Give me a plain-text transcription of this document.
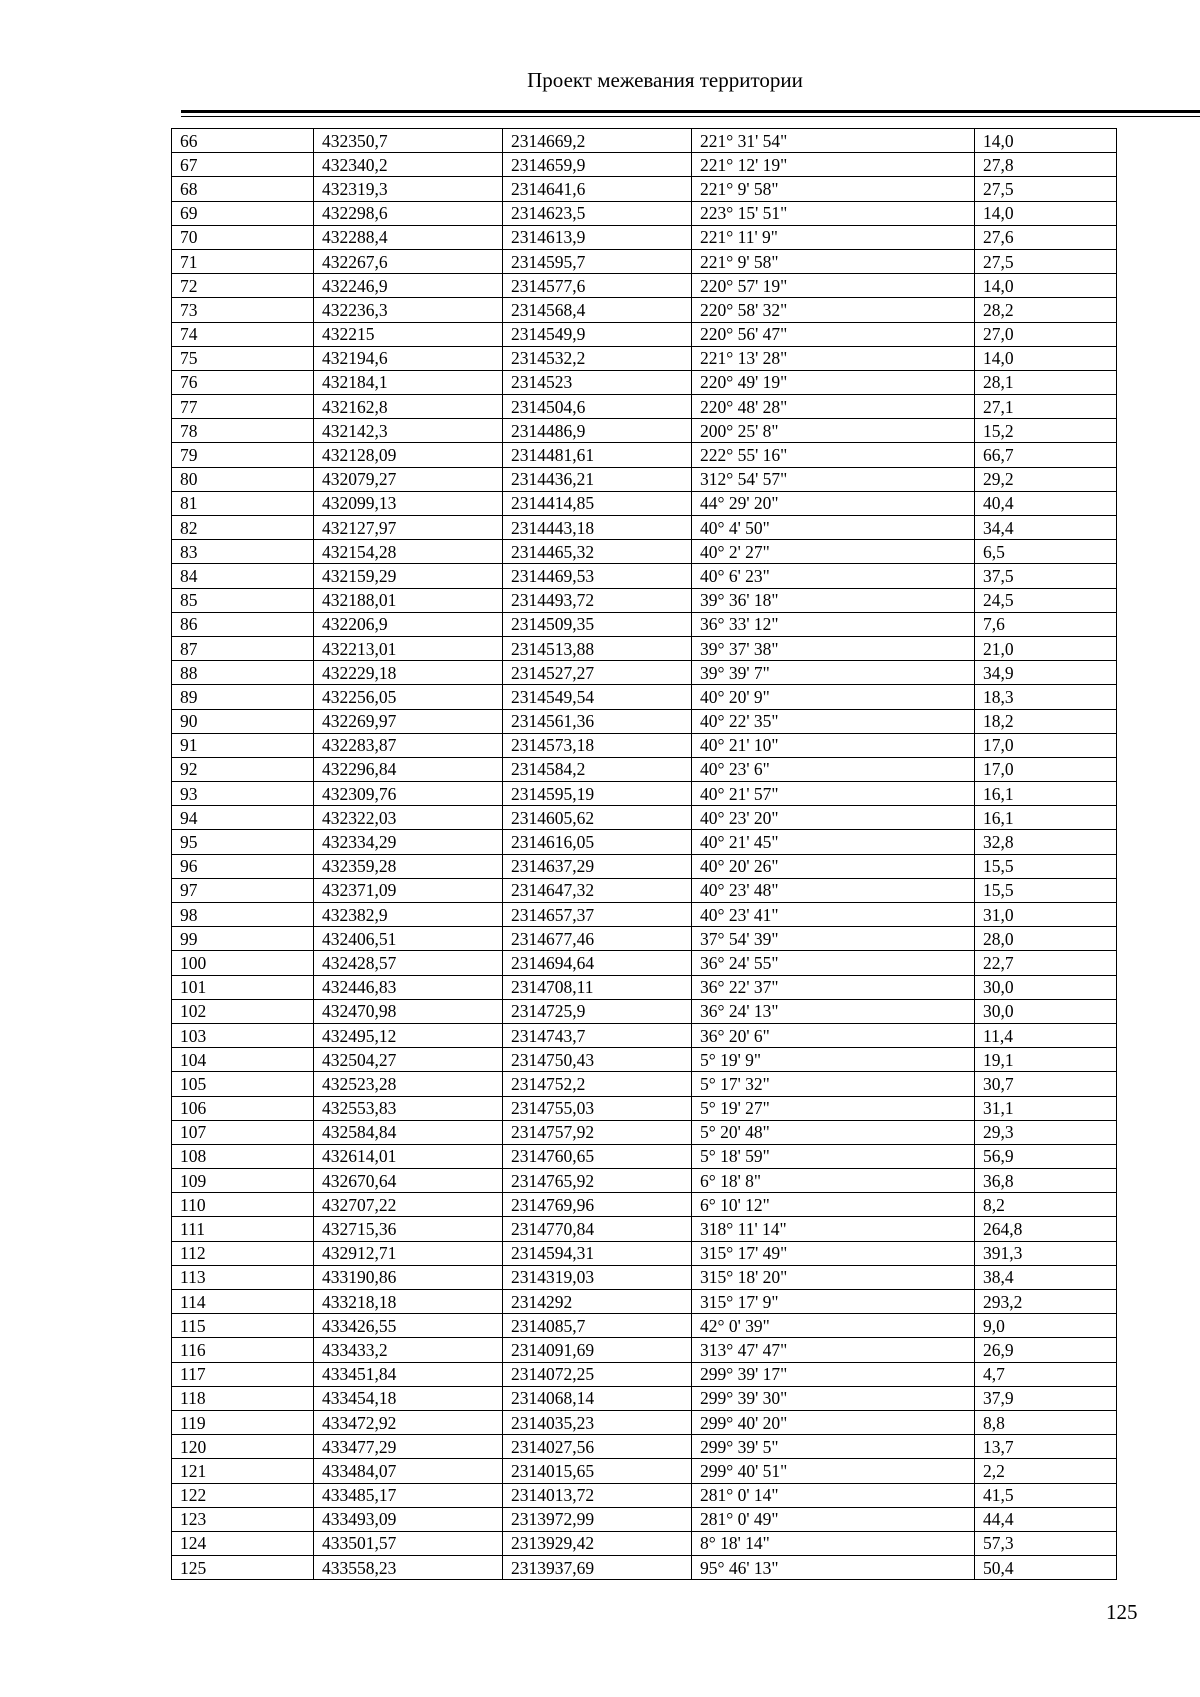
Проект межевания территории
66	432350,7	2314669,2	221° 31' 54"	14,0
67	432340,2	2314659,9	221° 12' 19"	27,8
68	432319,3	2314641,6	221° 9' 58"	27,5
69	432298,6	2314623,5	223° 15' 51"	14,0
70	432288,4	2314613,9	221° 11' 9"	27,6
71	432267,6	2314595,7	221° 9' 58"	27,5
72	432246,9	2314577,6	220° 57' 19"	14,0
73	432236,3	2314568,4	220° 58' 32"	28,2
74	432215	2314549,9	220° 56' 47"	27,0
75	432194,6	2314532,2	221° 13' 28"	14,0
76	432184,1	2314523	220° 49' 19"	28,1
77	432162,8	2314504,6	220° 48' 28"	27,1
78	432142,3	2314486,9	200° 25' 8"	15,2
79	432128,09	2314481,61	222° 55' 16"	66,7
80	432079,27	2314436,21	312° 54' 57"	29,2
81	432099,13	2314414,85	44° 29' 20"	40,4
82	432127,97	2314443,18	40° 4' 50"	34,4
83	432154,28	2314465,32	40° 2' 27"	6,5
84	432159,29	2314469,53	40° 6' 23"	37,5
85	432188,01	2314493,72	39° 36' 18"	24,5
86	432206,9	2314509,35	36° 33' 12"	7,6
87	432213,01	2314513,88	39° 37' 38"	21,0
88	432229,18	2314527,27	39° 39' 7"	34,9
89	432256,05	2314549,54	40° 20' 9"	18,3
90	432269,97	2314561,36	40° 22' 35"	18,2
91	432283,87	2314573,18	40° 21' 10"	17,0
92	432296,84	2314584,2	40° 23' 6"	17,0
93	432309,76	2314595,19	40° 21' 57"	16,1
94	432322,03	2314605,62	40° 23' 20"	16,1
95	432334,29	2314616,05	40° 21' 45"	32,8
96	432359,28	2314637,29	40° 20' 26"	15,5
97	432371,09	2314647,32	40° 23' 48"	15,5
98	432382,9	2314657,37	40° 23' 41"	31,0
99	432406,51	2314677,46	37° 54' 39"	28,0
100	432428,57	2314694,64	36° 24' 55"	22,7
101	432446,83	2314708,11	36° 22' 37"	30,0
102	432470,98	2314725,9	36° 24' 13"	30,0
103	432495,12	2314743,7	36° 20' 6"	11,4
104	432504,27	2314750,43	5° 19' 9"	19,1
105	432523,28	2314752,2	5° 17' 32"	30,7
106	432553,83	2314755,03	5° 19' 27"	31,1
107	432584,84	2314757,92	5° 20' 48"	29,3
108	432614,01	2314760,65	5° 18' 59"	56,9
109	432670,64	2314765,92	6° 18' 8"	36,8
110	432707,22	2314769,96	6° 10' 12"	8,2
111	432715,36	2314770,84	318° 11' 14"	264,8
112	432912,71	2314594,31	315° 17' 49"	391,3
113	433190,86	2314319,03	315° 18' 20"	38,4
114	433218,18	2314292	315° 17' 9"	293,2
115	433426,55	2314085,7	42° 0' 39"	9,0
116	433433,2	2314091,69	313° 47' 47"	26,9
117	433451,84	2314072,25	299° 39' 17"	4,7
118	433454,18	2314068,14	299° 39' 30"	37,9
119	433472,92	2314035,23	299° 40' 20"	8,8
120	433477,29	2314027,56	299° 39' 5"	13,7
121	433484,07	2314015,65	299° 40' 51"	2,2
122	433485,17	2314013,72	281° 0' 14"	41,5
123	433493,09	2313972,99	281° 0' 49"	44,4
124	433501,57	2313929,42	8° 18' 14"	57,3
125	433558,23	2313937,69	95° 46' 13"	50,4
125
